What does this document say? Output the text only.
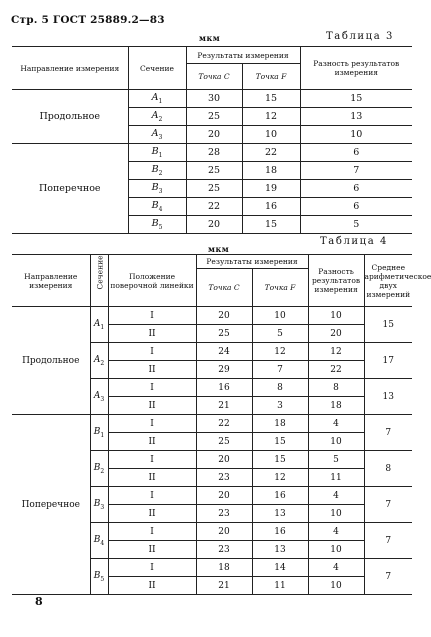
Стр. 5 ГОСТ 25889.2—83
мкм	Таблица 3
Направление измерения	Сечение	Результаты измерения		Разность результатов измерения
		Точка C	Точка F	
Продольное	$A_1$	30	15	15
	$A_2$	25	12	13
	$A_3$	20	10	10
Поперечное	$B_1$	28	22	6
	$B_2$	25	18	7
	$B_3$	25	19	6
	$B_4$	22	16	6
	$B_5$	20	15	5
мкм
Таблица 4
Направление измерения	Сечение	Положение поверочной линейки	Результаты измерения		Разность результатов измерения	Среднее арифметическое двух измерений
			Точка C	Точка F		
Продольное	$A_1$	I	20	10	10	15
		II	25	5	20	
	$A_2$	I	24	12	12	17
		II	29	7	22	
	$A_3$	I	16	8	8	13
		II	21	3	18	
Поперечное	$B_1$	I	22	18	4	7
		II	25	15	10	
	$B_2$	I	20	15	5	8
		II	23	12	11	
	$B_3$	I	20	16	4	7
		II	23	13	10	
	$B_4$	I	20	16	4	7
		II	23	13	10	
	$B_5$	I	18	14	4	7
		II	21	11	10	
8
